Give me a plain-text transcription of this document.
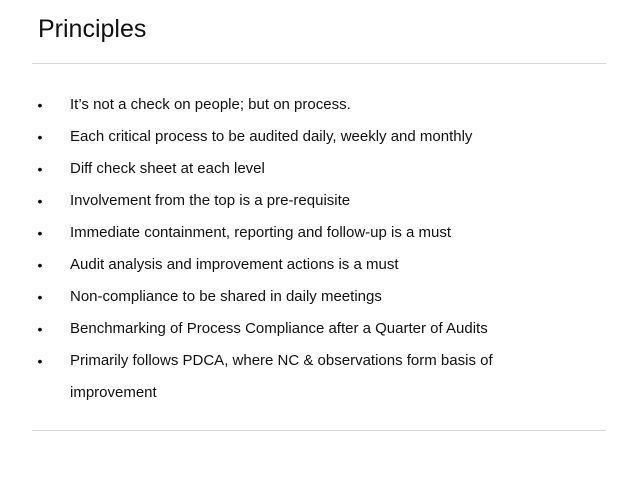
Principles
• It’s not a check on people; but on process.
• Each critical process to be audited daily, weekly and monthly
• Diff check sheet at each level
• Involvement from the top is a pre-requisite
• Immediate containment, reporting and follow-up is a must
• Audit analysis and improvement actions is a must
• Non-compliance to be shared in daily meetings
• Benchmarking of Process Compliance after a Quarter of Audits
• Primarily follows PDCA, where NC & observations form basis of
improvement
